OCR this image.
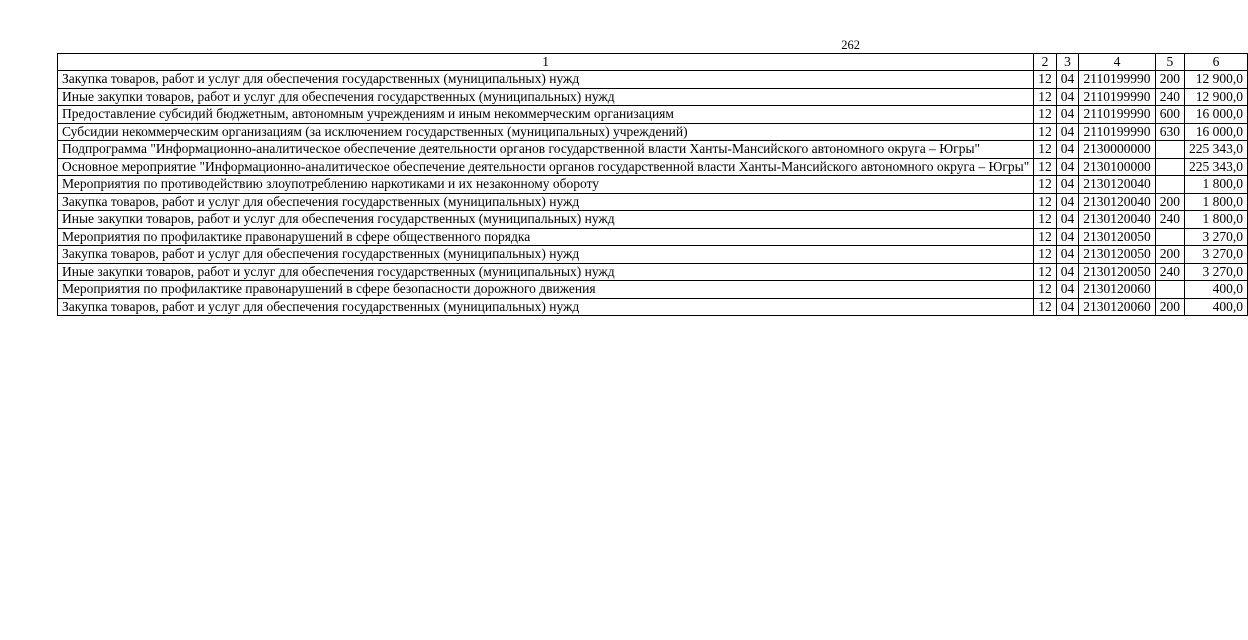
262
1	2	3	4	5	6
Закупка товаров, работ и услуг для обеспечения государственных (муниципальных) нужд	12	04	2110199990	200	12 900,0
Иные закупки товаров, работ и услуг для обеспечения государственных (муниципальных) нужд	12	04	2110199990	240	12 900,0
Предоставление субсидий бюджетным, автономным учреждениям и иным некоммерческим организациям	12	04	2110199990	600	16 000,0
Субсидии некоммерческим организациям (за исключением государственных (муниципальных) учреждений)	12	04	2110199990	630	16 000,0
Подпрограмма "Информационно-аналитическое обеспечение деятельности органов государственной власти Ханты-Мансийского автономного округа – Югры"	12	04	2130000000		225 343,0
Основное мероприятие "Информационно-аналитическое обеспечение деятельности органов государственной власти Ханты-Мансийского автономного округа – Югры"	12	04	2130100000		225 343,0
Мероприятия по противодействию злоупотреблению наркотиками и их незаконному обороту	12	04	2130120040		1 800,0
Закупка товаров, работ и услуг для обеспечения государственных (муниципальных) нужд	12	04	2130120040	200	1 800,0
Иные закупки товаров, работ и услуг для обеспечения государственных (муниципальных) нужд	12	04	2130120040	240	1 800,0
Мероприятия по профилактике правонарушений в сфере общественного порядка	12	04	2130120050		3 270,0
Закупка товаров, работ и услуг для обеспечения государственных (муниципальных) нужд	12	04	2130120050	200	3 270,0
Иные закупки товаров, работ и услуг для обеспечения государственных (муниципальных) нужд	12	04	2130120050	240	3 270,0
Мероприятия по профилактике правонарушений в сфере безопасности дорожного движения	12	04	2130120060		400,0
Закупка товаров, работ и услуг для обеспечения государственных (муниципальных) нужд	12	04	2130120060	200	400,0
